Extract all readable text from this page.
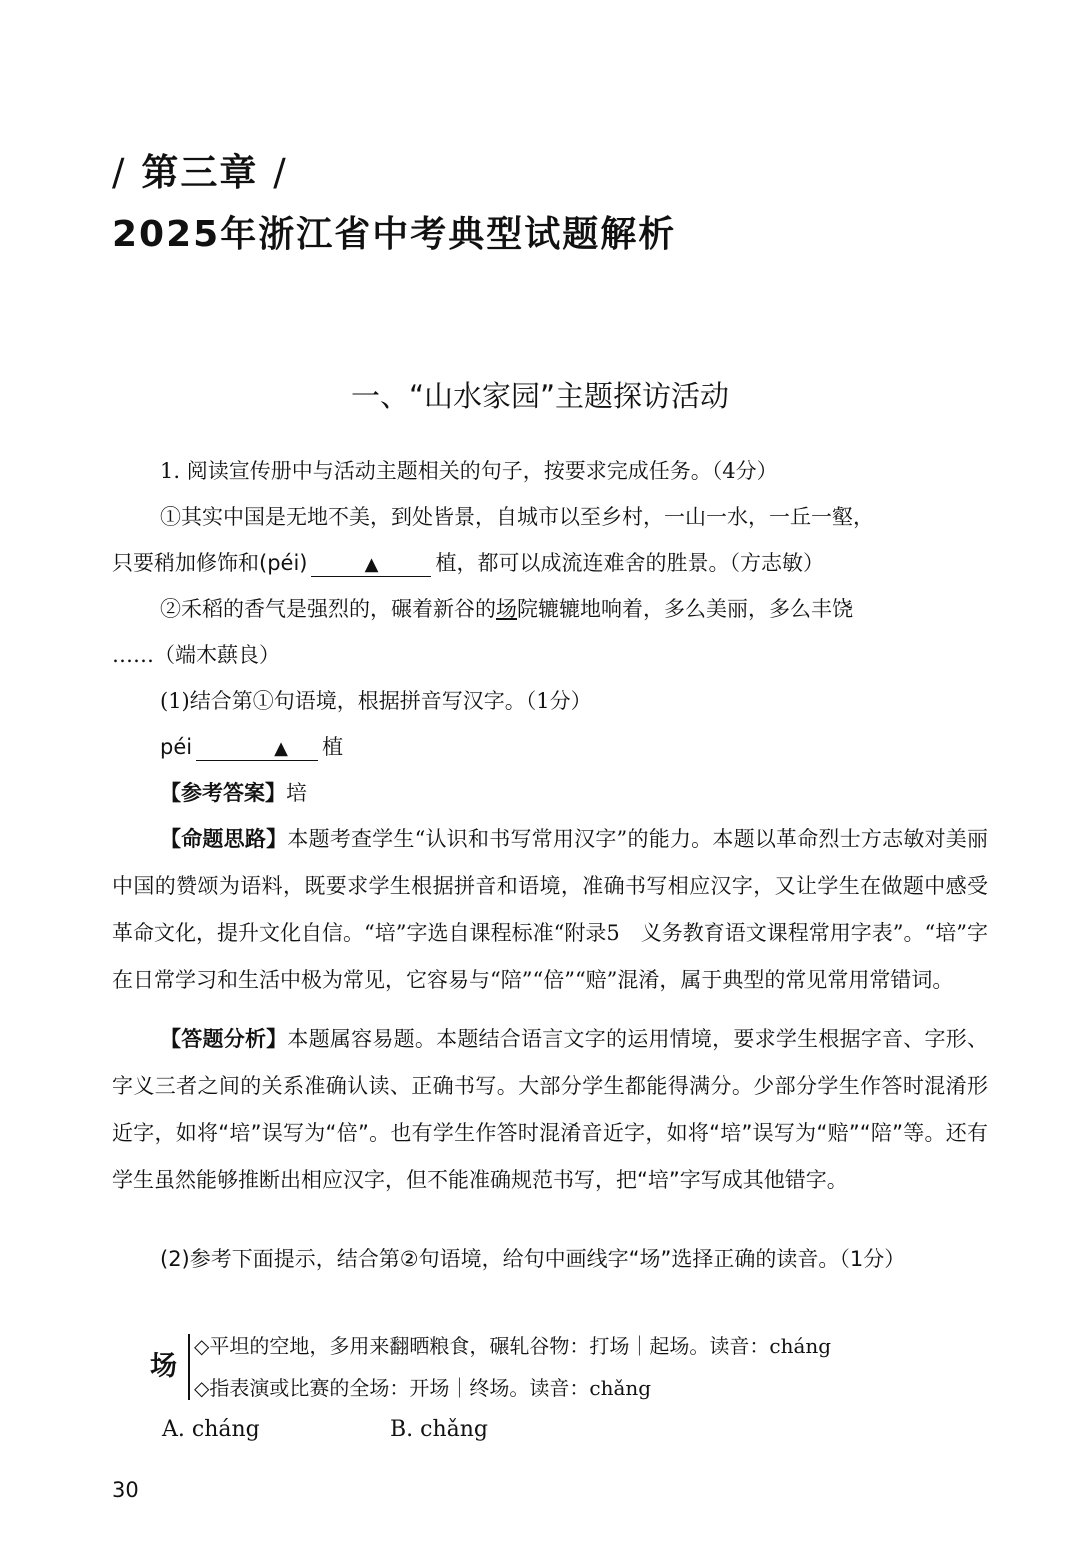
/ 第三章 /
2025年浙江省中考典型试题解析
一、“山水家园”主题探访活动
1. 阅读宣传册中与活动主题相关的句子，按要求完成任务。（4分）
①其实中国是无地不美，到处皆景，自城市以至乡村，一山一水，一丘一壑，
只要稍加修饰和(péi)	▲	植，都可以成流连难舍的胜景。（方志敏）
②禾稻的香气是强烈的，碾着新谷的场院辘辘地响着，多么美丽，多么丰饶
……（端木蕻良）
(1)结合第①句语境，根据拼音写汉字。（1分）
péi	▲ 植
【参考答案】培
【命题思路】本题考查学生“认识和书写常用汉字”的能力。本题以革命烈士方志敏对美丽中国的赞颂为语料，既要求学生根据拼音和语境，准确书写相应汉字，又让学生在做题中感受革命文化，提升文化自信。“培”字选自课程标准“附录5　义务教育语文课程常用字表”。“培”字在日常学习和生活中极为常见，它容易与“陪”“倍”“赔”混淆，属于典型的常见常用常错词。
【答题分析】本题属容易题。本题结合语言文字的运用情境，要求学生根据字音、字形、字义三者之间的关系准确认读、正确书写。大部分学生都能得满分。少部分学生作答时混淆形近字，如将“培”误写为“倍”。也有学生作答时混淆音近字，如将“培”误写为“赔”“陪”等。还有学生虽然能够推断出相应汉字，但不能准确规范书写，把“培”字写成其他错字。
(2)参考下面提示，结合第②句语境，给句中画线字“场”选择正确的读音。（1分）
场
◇平坦的空地，多用来翻晒粮食，碾轧谷物：打场｜起场。读音：cháng
◇指表演或比赛的全场：开场｜终场。读音：chǎng
A. cháng	B. chǎng
30
